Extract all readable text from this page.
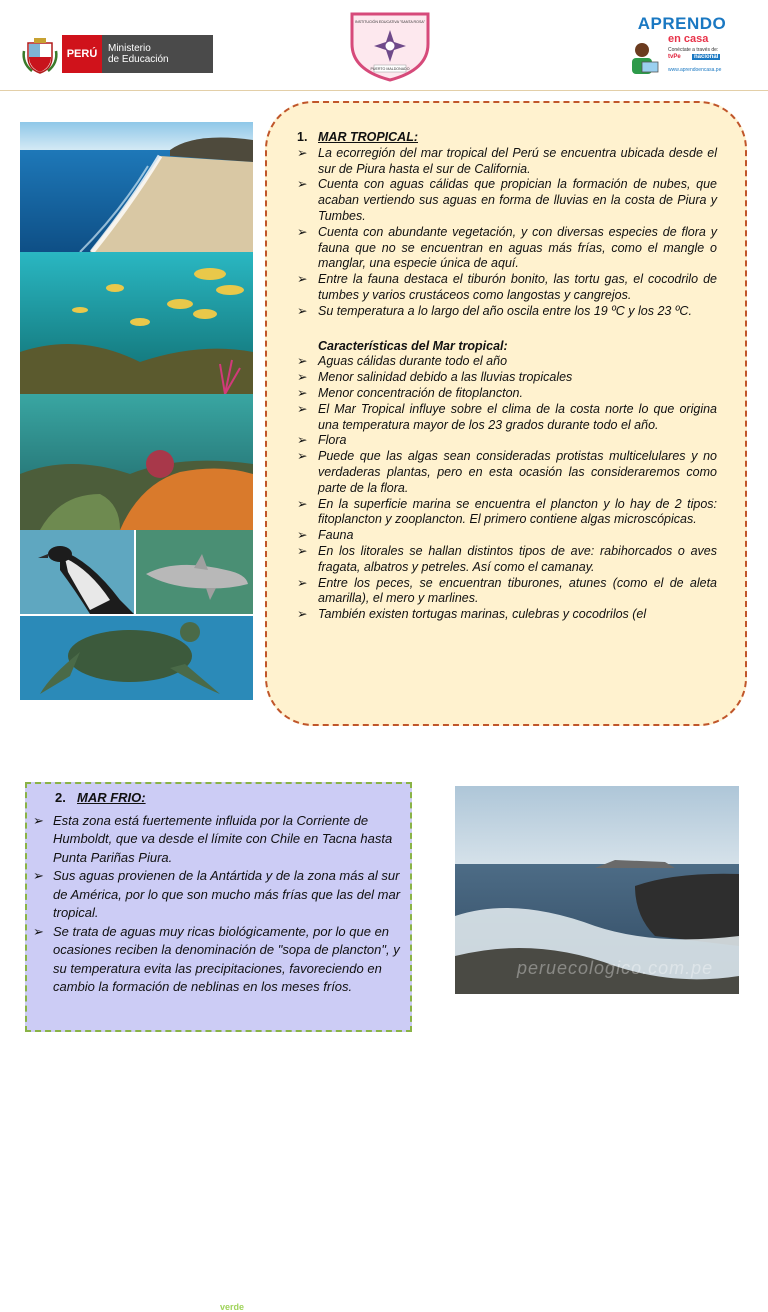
PERÚ	Ministerio
de Educación
INSTITUCIÓN EDUCATIVA "SANTA ROSA"
PUERTO MALDONADO
APRENDO
en casa
Conéctate a través de:
tvPe	nacional
www.aprendoencasa.pe
Ecología verde
1. MAR TROPICAL:
➢ La ecorregión del mar tropical del Perú se encuentra ubicada desde el sur de Piura hasta el sur de California.
➢ Cuenta con aguas cálidas que propician la formación de nubes, que acaban vertiendo sus aguas en forma de lluvias en la costa de Piura y Tumbes.
➢ Cuenta con abundante vegetación, y con diversas especies de flora y fauna que no se encuentran en aguas más frías, como el mangle o manglar, una especie única de aquí.
➢ Entre la fauna destaca el tiburón bonito, las tortu gas, el cocodrilo de tumbes y varios crustáceos como langostas y cangrejos.
➢ Su temperatura a lo largo del año oscila entre los 19 ºC y los 23 ºC.
Características del Mar tropical:
➢ Aguas cálidas durante todo el año
➢ Menor salinidad debido a las lluvias tropicales
➢ Menor concentración de fitoplancton.
➢ El Mar Tropical influye sobre el clima de la costa norte lo que origina una temperatura mayor de los 23 grados durante todo el año.
➢ Flora
➢ Puede que las algas sean consideradas protistas multicelulares y no verdaderas plantas, pero en esta ocasión las consideraremos como parte de la flora.
➢ En la superficie marina se encuentra el plancton y lo hay de 2 tipos: fitoplancton y zooplancton. El primero contiene algas microscópicas.
➢ Fauna
➢ En los litorales se hallan distintos tipos de ave: rabihorcados o aves fragata, albatros y petreles. Así como el camanay.
➢ Entre los peces, se encuentran tiburones, atunes (como el de aleta amarilla), el mero y marlines.
➢ También existen tortugas marinas, culebras y cocodrilos (el
2. MAR FRIO:
➢ Esta zona está fuertemente influida por la Corriente de Humboldt, que va desde el límite con Chile en Tacna hasta Punta Pariñas Piura.
➢ Sus aguas provienen de la Antártida y de la zona más al sur de América, por lo que son mucho más frías que las del mar tropical.
➢ Se trata de aguas muy ricas biológicamente, por lo que en ocasiones reciben la denominación de "sopa de plancton", y su temperatura evita las precipitaciones, favoreciendo en cambio la formación de neblinas en los meses fríos.
peruecologico.com.pe
